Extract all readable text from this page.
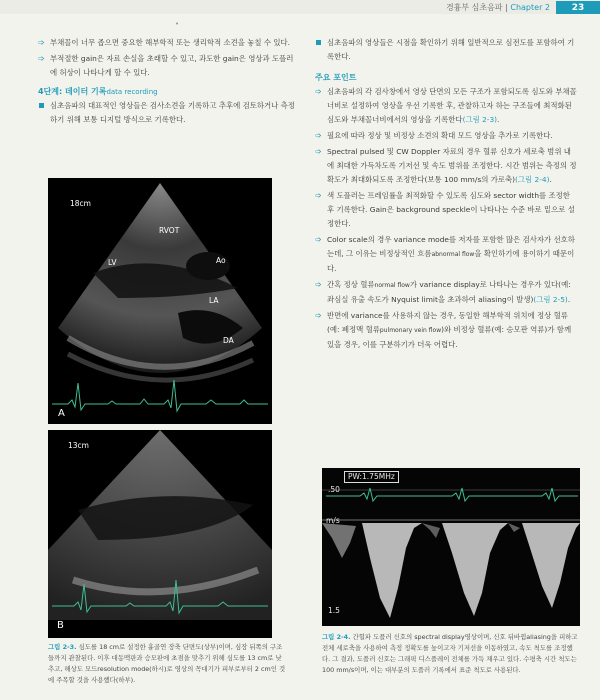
경흉부 심초음파 | Chapter 2	23
•

➩ 부채꼴이 너무 좁으면 중요한 해부학적 또는 생리학적 소견을 놓칠 수 있다.

➩ 부적절한 gain은 자료 손실을 초래할 수 있고, 과도한 gain은 영상과 도플러에 허상이 나타나게 할 수 있다.

4단계: 데이터 기록data recording

심초음파의 대표적인 영상들은 검사소견을 기록하고 추후에 검토하거나 측정하기 위해 보통 디지털 방식으로 기록한다.

18cm
RVOT
LV	Ao
LA
DA
A
13cm
B
그림 2-3. 심도를 18 cm로 설정한 흉골연 장축 단면도(상부)이며, 심장 뒤쪽의 구조들까지 관찰된다. 이후 대동맥판과 승모판에 초점을 맞추기 위해 심도를 13 cm로 낮추고, 해상도 모드resolution mode(하시)로 영상의 꼭대기가 피부로부터 2 cm인 것에 주목할 것을 사용했다(하부).

심초음파의 영상들은 시점을 확인하기 위해 일반적으로 심전도를 포함하여 기록한다.

주요 포인트

➩ 심초음파의 각 검사창에서 영상 단면의 모든 구조가 포함되도록 심도와 부채꼴 너비로 설정하여 영상을 우선 기록한 후, 관찰하고자 하는 구조들에 최적화된 심도와 부채꼴너비에서의 영상을 기록한다(그림 2-3).

➩ 필요에 따라 정상 및 비정상 소견의 확대 모드 영상을 추가로 기록한다.

➩ Spectral pulsed 및 CW Doppler 자료의 경우 혈류 신호가 세로축 범위 내에 최대한 가득차도록 기저선 및 속도 범위를 조정한다. 시간 범위는 측정의 정확도가 최대화되도록 조정한다(보통 100 mm/s의 가로축)(그림 2-4).

➩ 색 도플러는 프레임률을 최적화할 수 있도록 심도와 sector width를 조정한 후 기록한다. Gain은 background speckle이 나타나는 수준 바로 밑으로 설정한다.

➩ Color scale의 경우 variance mode를 저자를 포함한 많은 검사자가 선호하는데, 그 이유는 비정상적인 흐름abnormal flow을 확인하기에 용이하기 때문이다.

➩ 간혹 정상 혈류normal flow가 variance display로 나타나는 경우가 있다(예: 좌심실 유출 속도가 Nyquist limit을 초과하여 aliasing이 발생)(그림 2-5).

➩ 반면에 variance를 사용하지 않는 경우, 동일한 해부학적 위치에 정상 혈류(예: 폐정맥 혈류pulmonary vein flow)와 비정상 혈류(예: 승모판 역류)가 함께 있을 경우, 이를 구분하기가 더욱 어렵다.

PW:1.75MHz
.50
m/s
1.5
그림 2-4. 간헐파 도플러 신호의 spectral display영상이며, 신호 뒤바뀜aliasing을 피하고 전체 세로축을 사용하여 측정 정확도를 높이고자 기저선을 이동하였고, 속도 척도를 조정했다. 그 결과, 도플러 신호는 그래픽 디스플레이 전체를 가득 채우고 있다. 수평축 시간 척도는 100 mm/s이며, 이는 대부분의 도플러 기록에서 표준 척도로 사용된다.
